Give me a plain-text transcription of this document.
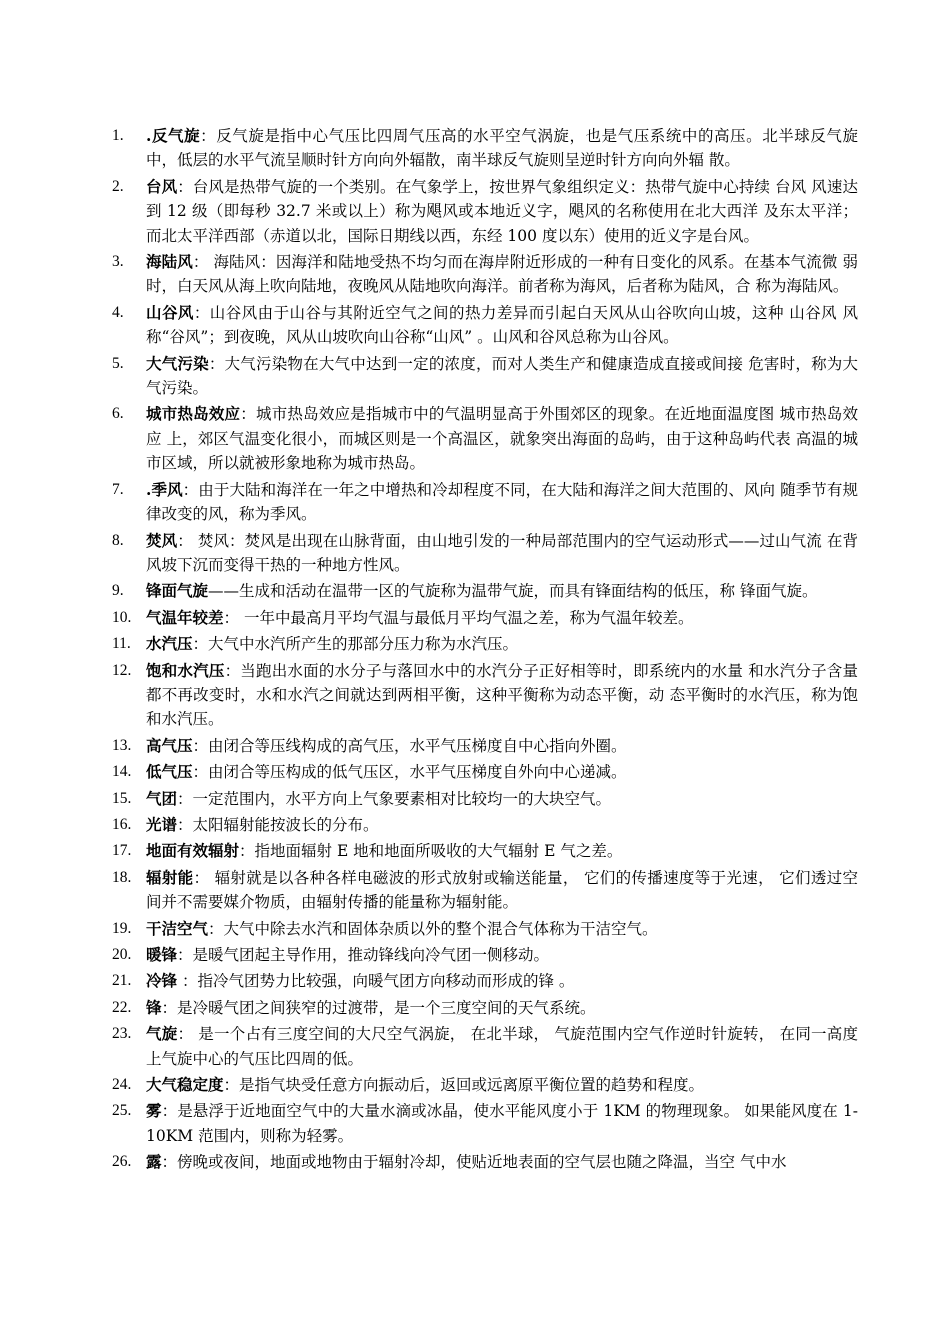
1. .反气旋：反气旋是指中心气压比四周气压高的水平空气涡旋，也是气压系统中的高压。北半球反气旋中，低层的水平气流呈顺时针方向向外辐散，南半球反气旋则呈逆时针方向向外辐 散。
2. 台风：台风是热带气旋的一个类别。在气象学上，按世界气象组织定义：热带气旋中心持续 台风 风速达到 12 级（即每秒 32.7 米或以上）称为飓风或本地近义字，飓风的名称使用在北大西洋 及东太平洋；而北太平洋西部（赤道以北，国际日期线以西，东经 100 度以东）使用的近义字是台风。
3. 海陆风： 海陆风：因海洋和陆地受热不均匀而在海岸附近形成的一种有日变化的风系。在基本气流微 弱时，白天风从海上吹向陆地，夜晚风从陆地吹向海洋。前者称为海风，后者称为陆风，合 称为海陆风。
4. 山谷风：山谷风由于山谷与其附近空气之间的热力差异而引起白天风从山谷吹向山坡，这种 山谷风 风称“谷风”；到夜晚，风从山坡吹向山谷称“山风” 。山风和谷风总称为山谷风。
5. 大气污染：大气污染物在大气中达到一定的浓度，而对人类生产和健康造成直接或间接 危害时，称为大气污染。
6. 城市热岛效应：城市热岛效应是指城市中的气温明显高于外围郊区的现象。在近地面温度图 城市热岛效应 上，郊区气温变化很小，而城区则是一个高温区，就象突出海面的岛屿，由于这种岛屿代表 高温的城市区域，所以就被形象地称为城市热岛。
7. .季风：由于大陆和海洋在一年之中增热和冷却程度不同，在大陆和海洋之间大范围的、风向 随季节有规律改变的风，称为季风。
8. 焚风： 焚风：焚风是出现在山脉背面，由山地引发的一种局部范围内的空气运动形式——过山气流 在背风坡下沉而变得干热的一种地方性风。
9. 锋面气旋——生成和活动在温带一区的气旋称为温带气旋，而具有锋面结构的低压，称 锋面气旋。
10. 气温年较差： 一年中最高月平均气温与最低月平均气温之差，称为气温年较差。
11. 水汽压：大气中水汽所产生的那部分压力称为水汽压。
12. 饱和水汽压：当跑出水面的水分子与落回水中的水汽分子正好相等时，即系统内的水量 和水汽分子含量都不再改变时，水和水汽之间就达到两相平衡，这种平衡称为动态平衡，动 态平衡时的水汽压，称为饱和水汽压。
13. 高气压：由闭合等压线构成的高气压，水平气压梯度自中心指向外圈。
14. 低气压：由闭合等压构成的低气压区，水平气压梯度自外向中心递减。
15. 气团：一定范围内，水平方向上气象要素相对比较均一的大块空气。
16. 光谱：太阳辐射能按波长的分布。
17. 地面有效辐射：指地面辐射 E 地和地面所吸收的大气辐射 E 气之差。
18. 辐射能： 辐射就是以各种各样电磁波的形式放射或输送能量， 它们的传播速度等于光速， 它们透过空间并不需要媒介物质，由辐射传播的能量称为辐射能。
19. 干洁空气：大气中除去水汽和固体杂质以外的整个混合气体称为干洁空气。
20. 暖锋：是暖气团起主导作用，推动锋线向冷气团一侧移动。
21. 冷锋 ：指冷气团势力比较强，向暖气团方向移动而形成的锋 。
22. 锋：是冷暖气团之间狭窄的过渡带，是一个三度空间的天气系统。
23. 气旋： 是一个占有三度空间的大尺空气涡旋， 在北半球， 气旋范围内空气作逆时针旋转， 在同一高度上气旋中心的气压比四周的低。
24. 大气稳定度：是指气块受任意方向振动后，返回或远离原平衡位置的趋势和程度。
25. 雾：是悬浮于近地面空气中的大量水滴或冰晶，使水平能风度小于 1KM 的物理现象。 如果能风度在 1-10KM 范围内，则称为轻雾。
26. 露：傍晚或夜间，地面或地物由于辐射冷却，使贴近地表面的空气层也随之降温，当空 气中水
